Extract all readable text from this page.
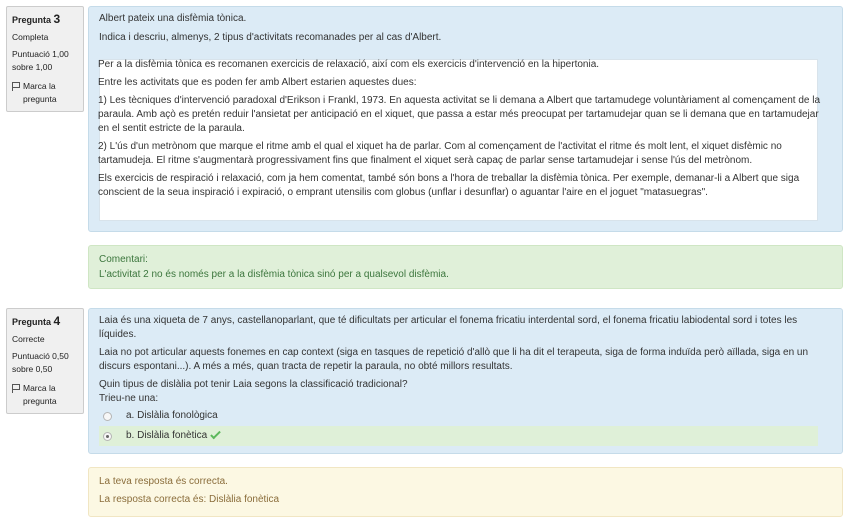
Pregunta 3
Completa
Puntuació 1,00
sobre 1,00
Marca la
pregunta

Albert pateix una disfèmia tònica.

Indica i descriu, almenys, 2 tipus d'activitats recomanades per al cas d'Albert.

Per a la disfèmia tònica es recomanen exercicis de relaxació, així com els exercicis d'intervenció en la hipertonia.

Entre les activitats que es poden fer amb Albert estarien aquestes dues:

1) Les tècniques d'intervenció paradoxal d'Erikson i Frankl, 1973. En aquesta activitat se li demana a Albert que tartamudege voluntàriament al començament de la paraula. Amb açò es pretén reduir l'ansietat per anticipació en el xiquet, que passa a estar més preocupat per tartamudejar quan se li demana que en tartamudejar en el sentit estricte de la paraula.

2) L'ús d'un metrònom que marque el ritme amb el qual el xiquet ha de parlar. Com al començament de l'activitat el ritme és molt lent, el xiquet disfèmic no tartamudeja. El ritme s'augmentarà progressivament fins que finalment el xiquet serà capaç de parlar sense tartamudejar i sense l'ús del metrònom.

Els exercicis de respiració i relaxació, com ja hem comentat, també són bons a l'hora de treballar la disfèmia tònica. Per exemple, demanar-li a Albert que siga conscient de la seua inspiració i expiració, o emprant utensilis com globus (unflar i desunflar) o aguantar l'aire en el joguet "matasuegras".

Comentari:
L'activitat 2 no és només per a la disfèmia tònica sinó per a qualsevol disfèmia.
Pregunta 4
Correcte
Puntuació 0,50
sobre 0,50
Marca la
pregunta

Laia és una xiqueta de 7 anys, castellanoparlant, que té dificultats per articular el fonema fricatiu interdental sord, el fonema fricatiu labiodental sord i totes les líquides.

Laia no pot articular aquests fonemes en cap context (siga en tasques de repetició d'allò que li ha dit el terapeuta, siga de forma induïda però aïllada, siga en un discurs espontani...). A més a més, quan tracta de repetir la paraula, no obté millors resultats.

Quin tipus de dislàlia pot tenir Laia segons la classificació tradicional?

Trieu-ne una:

a. Dislàlia fonològica
b. Dislàlia fonètica
La teva resposta és correcta.
La resposta correcta és: Dislàlia fonètica
